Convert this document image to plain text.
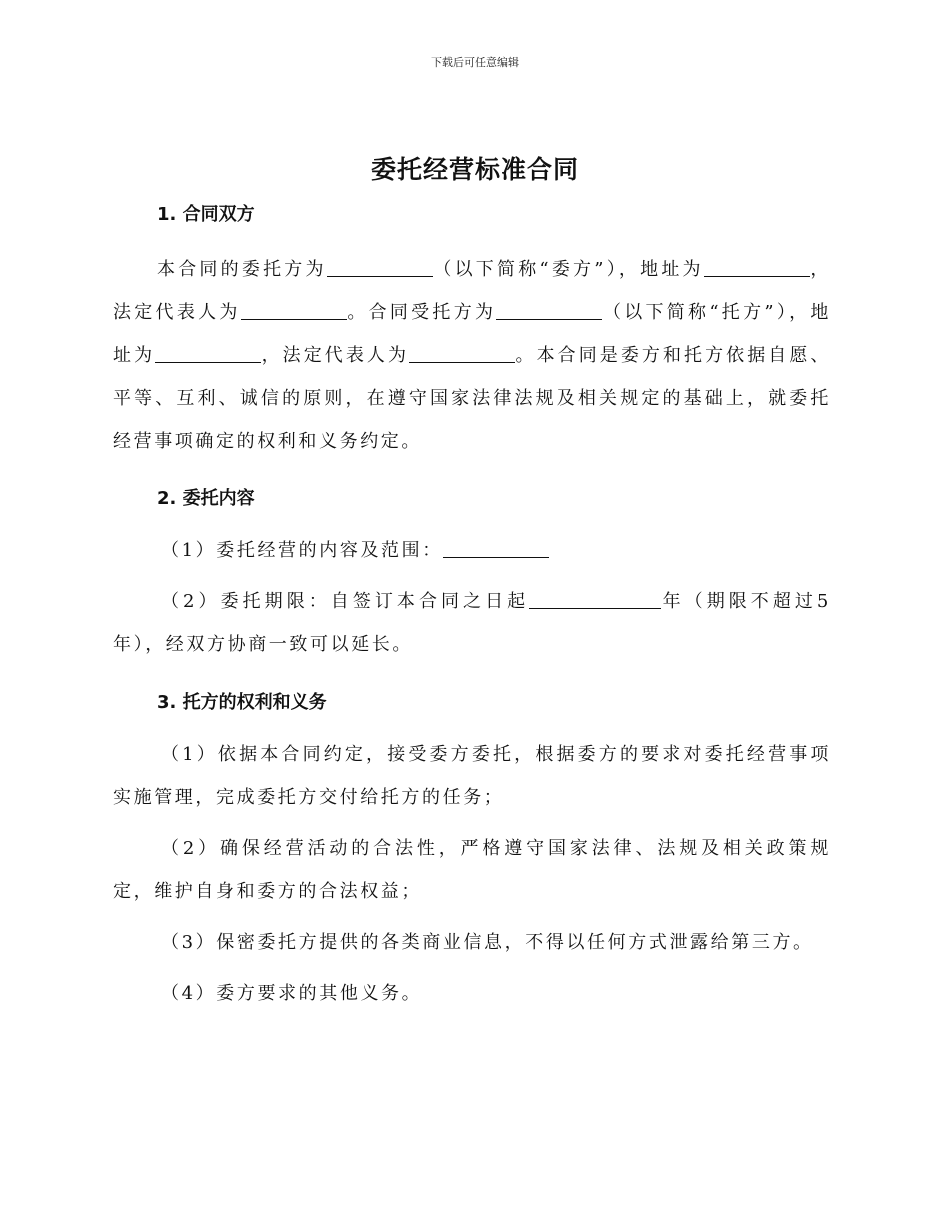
下载后可任意编辑
委托经营标准合同
1. 合同双方

本合同的委托方为	（以下简称“委方”），地址为	，法定代表人为	。合同受托方为	（以下简称“托方”），地址为	，法定代表人为	。本合同是委方和托方依据自愿、平等、互利、诚信的原则，在遵守国家法律法规及相关规定的基础上，就委托经营事项确定的权利和义务约定。

2. 委托内容

（1）委托经营的内容及范围：

（2）委托期限：自签订本合同之日起	年（期限不超过5年），经双方协商一致可以延长。

3. 托方的权利和义务

（1）依据本合同约定，接受委方委托，根据委方的要求对委托经营事项实施管理，完成委托方交付给托方的任务；

（2）确保经营活动的合法性，严格遵守国家法律、法规及相关政策规定，维护自身和委方的合法权益；

（3）保密委托方提供的各类商业信息，不得以任何方式泄露给第三方。

（4）委方要求的其他义务。
